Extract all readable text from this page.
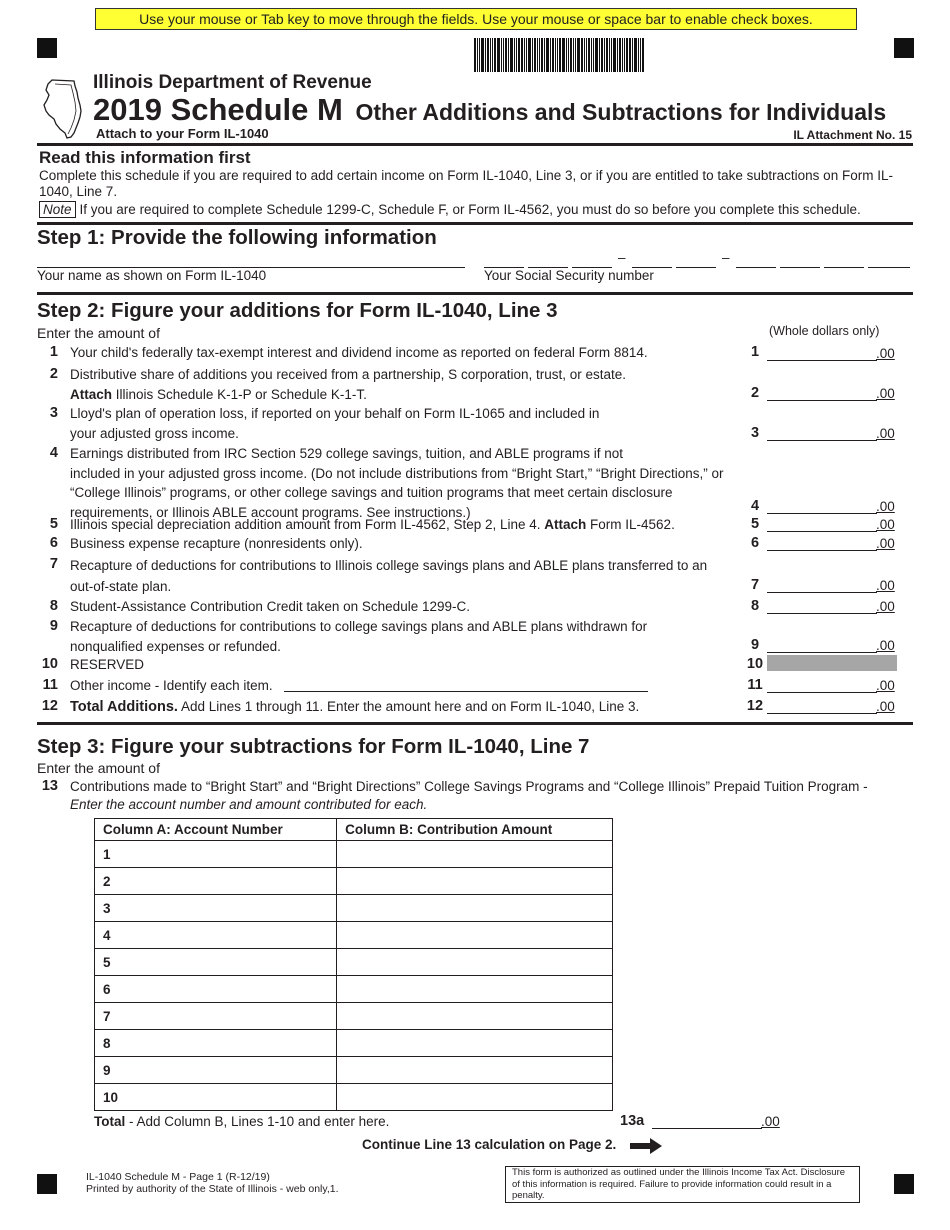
Use your mouse or Tab key to move through the fields. Use your mouse or space bar to enable check boxes.
Illinois Department of Revenue
2019 Schedule M Other Additions and Subtractions for Individuals
Attach to your Form IL-1040	IL Attachment No. 15
Read this information first
Complete this schedule if you are required to add certain income on Form IL-1040, Line 3, or if you are entitled to take subtractions on Form IL-1040, Line 7.
Note If you are required to complete Schedule 1299-C, Schedule F, or Form IL-4562, you must do so before you complete this schedule.
Step 1: Provide the following information
Your name as shown on Form IL-1040
–	–
Your Social Security number
Step 2: Figure your additions for Form IL-1040, Line 3
Enter the amount of	(Whole dollars only)
1 Your child's federally tax-exempt interest and dividend income as reported on federal Form 8814.	1	.00
2 Distributive share of additions you received from a partnership, S corporation, trust, or estate.
Attach Illinois Schedule K-1-P or Schedule K-1-T.	2	.00
3 Lloyd's plan of operation loss, if reported on your behalf on Form IL-1065 and included in
your adjusted gross income.	3	.00
4 Earnings distributed from IRC Section 529 college savings, tuition, and ABLE programs if not
included in your adjusted gross income. (Do not include distributions from “Bright Start,” “Bright Directions,” or
“College Illinois” programs, or other college savings and tuition programs that meet certain disclosure
requirements, or Illinois ABLE account programs. See instructions.)	4	.00
5 Illinois special depreciation addition amount from Form IL-4562, Step 2, Line 4. Attach Form IL-4562.	5	.00
6 Business expense recapture (nonresidents only).	6	.00
7 Recapture of deductions for contributions to Illinois college savings plans and ABLE plans transferred to an
out-of-state plan.	7	.00
8 Student-Assistance Contribution Credit taken on Schedule 1299-C.	8	.00
9 Recapture of deductions for contributions to college savings plans and ABLE plans withdrawn for
nonqualified expenses or refunded.	9	.00
10 RESERVED	10
11 Other income - Identify each item.	11	.00
12 Total Additions. Add Lines 1 through 11. Enter the amount here and on Form IL-1040, Line 3.	12	.00
Step 3: Figure your subtractions for Form IL-1040, Line 7
Enter the amount of
13 Contributions made to “Bright Start” and “Bright Directions” College Savings Programs and “College Illinois” Prepaid Tuition Program -
Enter the account number and amount contributed for each.
Column A: Account Number	Column B: Contribution Amount
1	
2	
3	
4	
5	
6	
7	
8	
9	
10	
Total - Add Column B, Lines 1-10 and enter here.	13a	.00
Continue Line 13 calculation on Page 2.
IL-1040 Schedule M - Page 1 (R-12/19)
Printed by authority of the State of Illinois - web only,1.
This form is authorized as outlined under the Illinois Income Tax Act. Disclosure of this information is required. Failure to provide information could result in a penalty.
